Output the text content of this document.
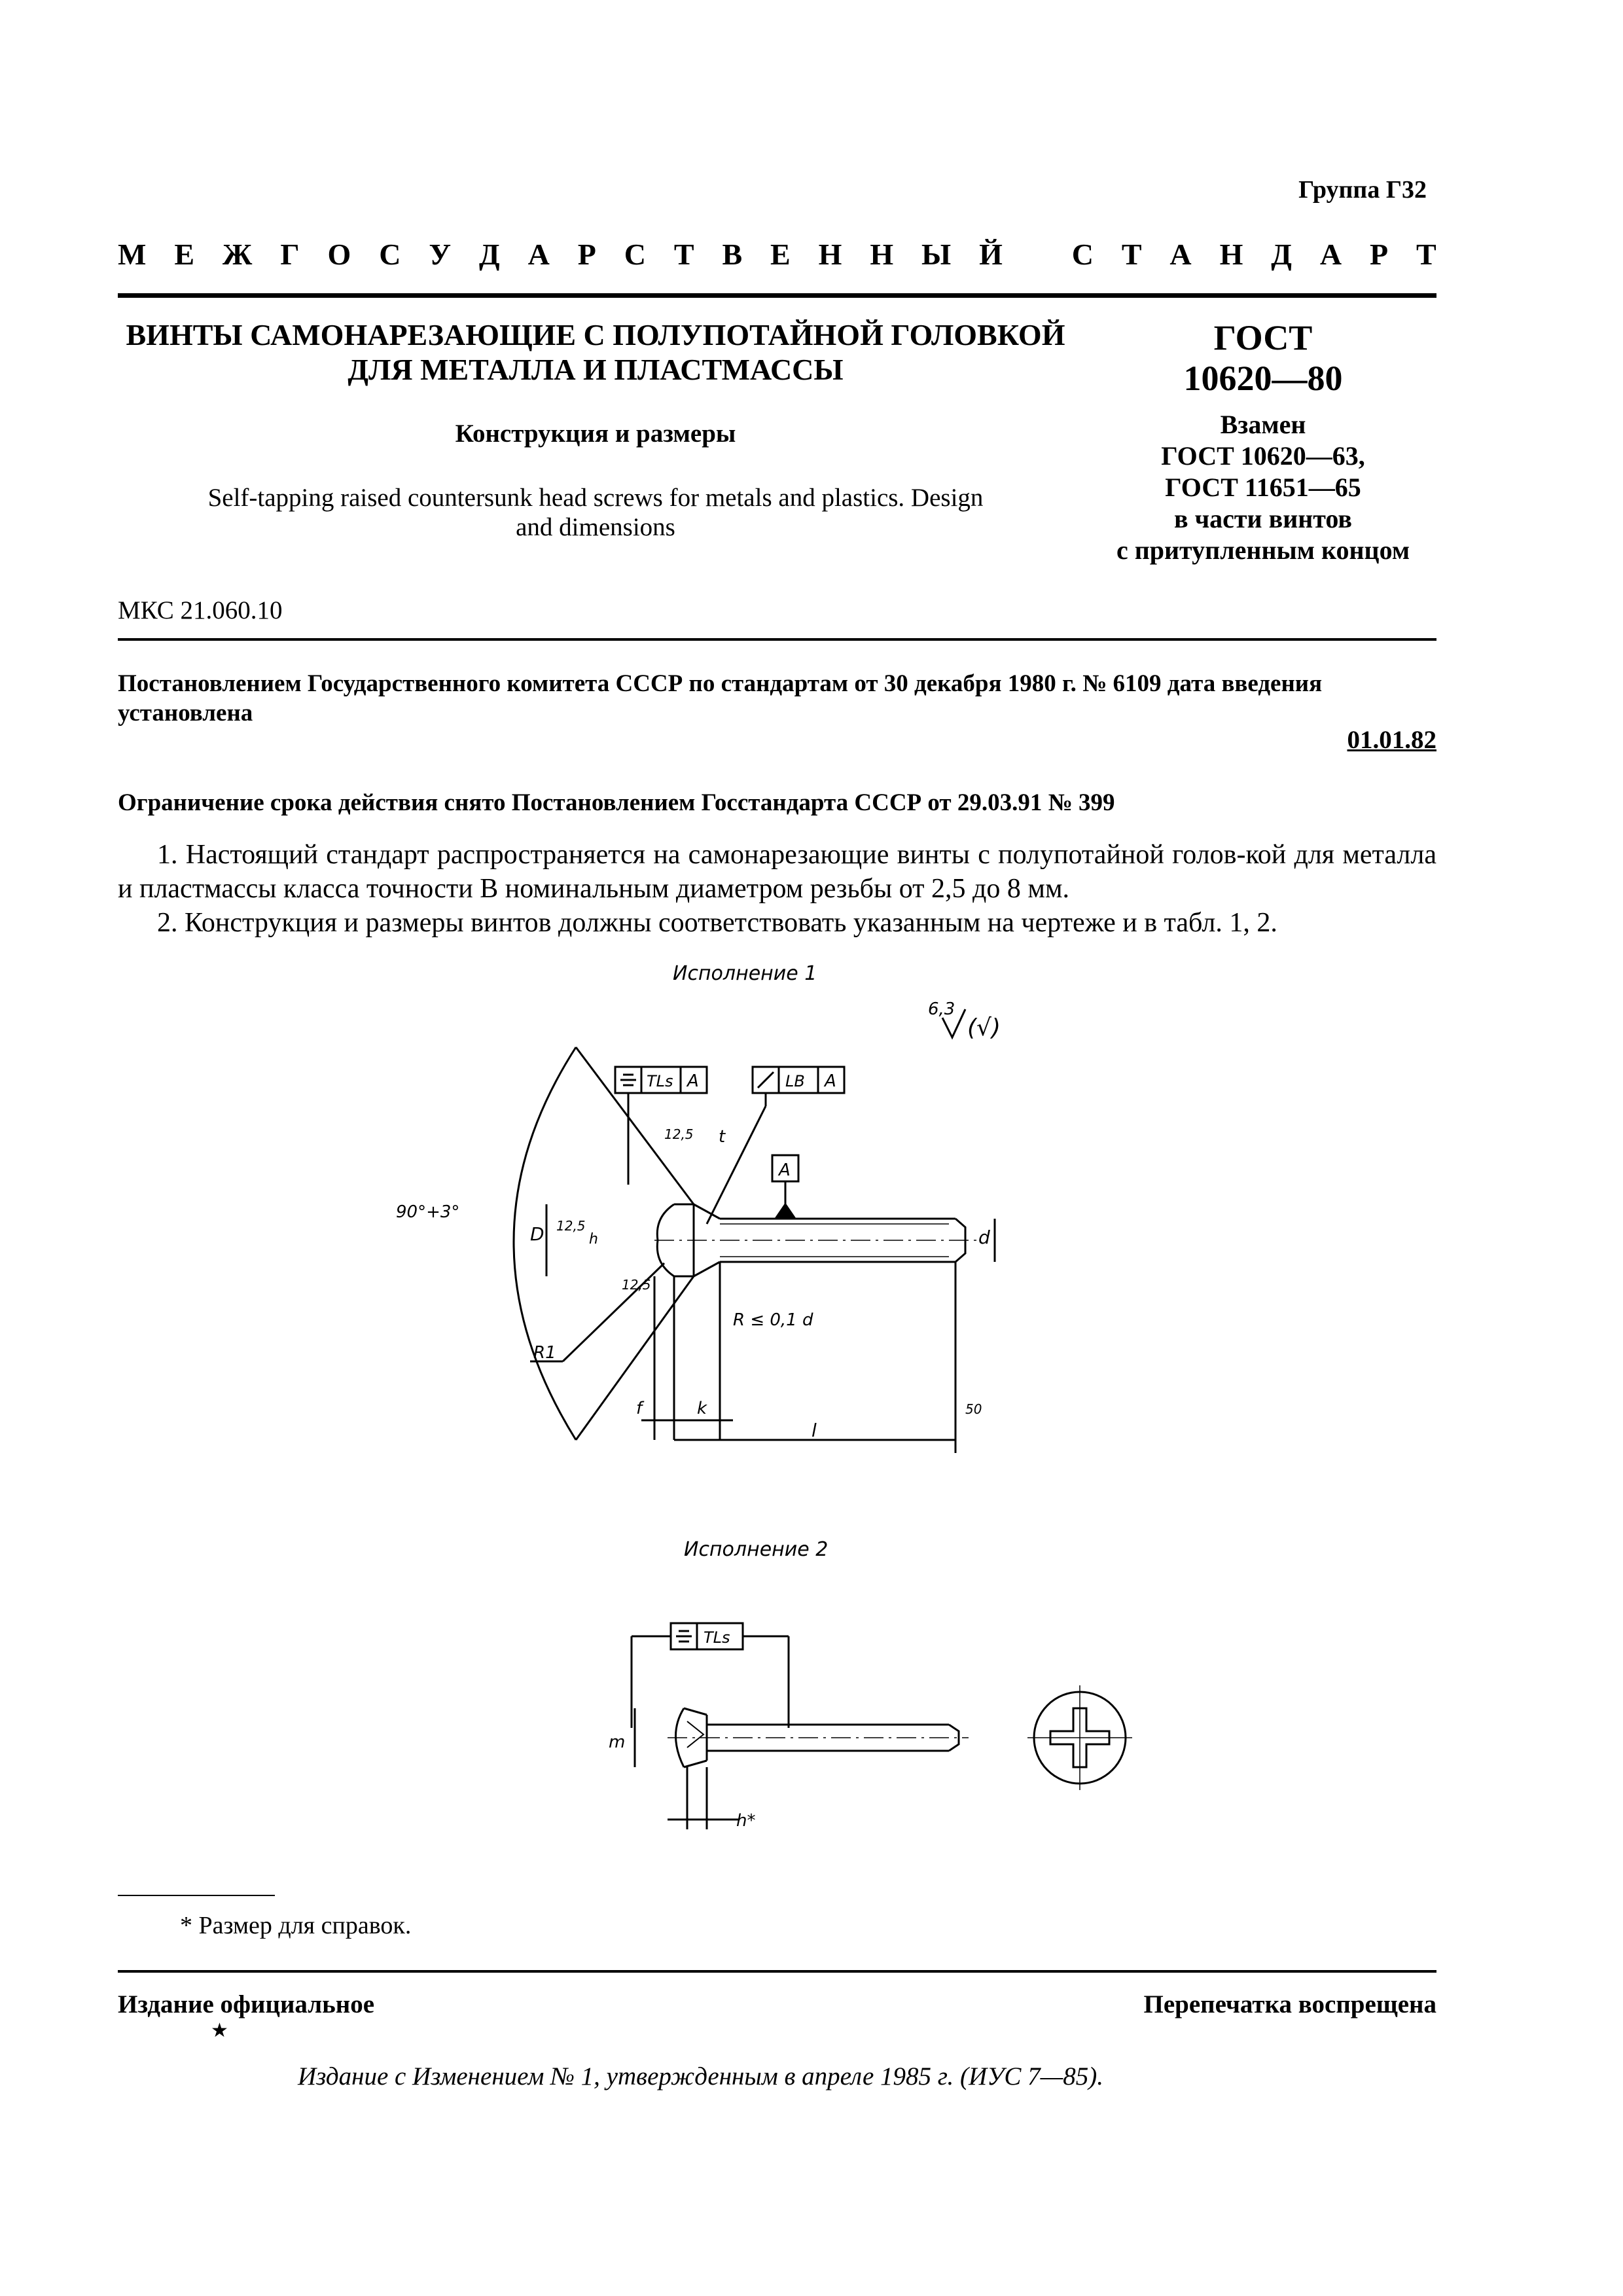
Группа Г32
М Е Ж Г О С У Д А Р С Т В Е Н Н Ы Й С Т А Н Д А Р Т
ВИНТЫ САМОНАРЕЗАЮЩИЕ С ПОЛУПОТАЙНОЙ ГОЛОВКОЙ
ДЛЯ МЕТАЛЛА И ПЛАСТМАССЫ
ГОСТ
10620—80
Взамен
ГОСТ 10620—63,
ГОСТ 11651—65
в части винтов
с притупленным концом
Конструкция и размеры
Self-tapping raised countersunk head screws for metals and plastics. Design
and dimensions
МКС 21.060.10
Постановлением Государственного комитета СССР по стандартам от 30 декабря 1980 г. № 6109 дата введения установлена
01.01.82
Ограничение срока действия снято Постановлением Госстандарта СССР от 29.03.91 № 399
1. Настоящий стандарт распространяется на самонарезающие винты с полупотайной голов-кой для металла и пластмассы класса точности В номинальным диаметром резьбы от 2,5 до 8 мм.
2. Конструкция и размеры винтов должны соответствовать указанным на чертеже и в табл. 1, 2.
Исполнение 1
6,3
(√)
TLs A	LB A
A
90°+3°
D	d
h
12,5
12,5
12,5 t
R ≤ 0,1 d
R1
f	k
l
50
Исполнение 2
TLs
m
h*
* Размер для справок.
Издание официальное	Перепечатка воспрещена
★
Издание с Изменением № 1, утвержденным в апреле 1985 г. (ИУС 7—85).
